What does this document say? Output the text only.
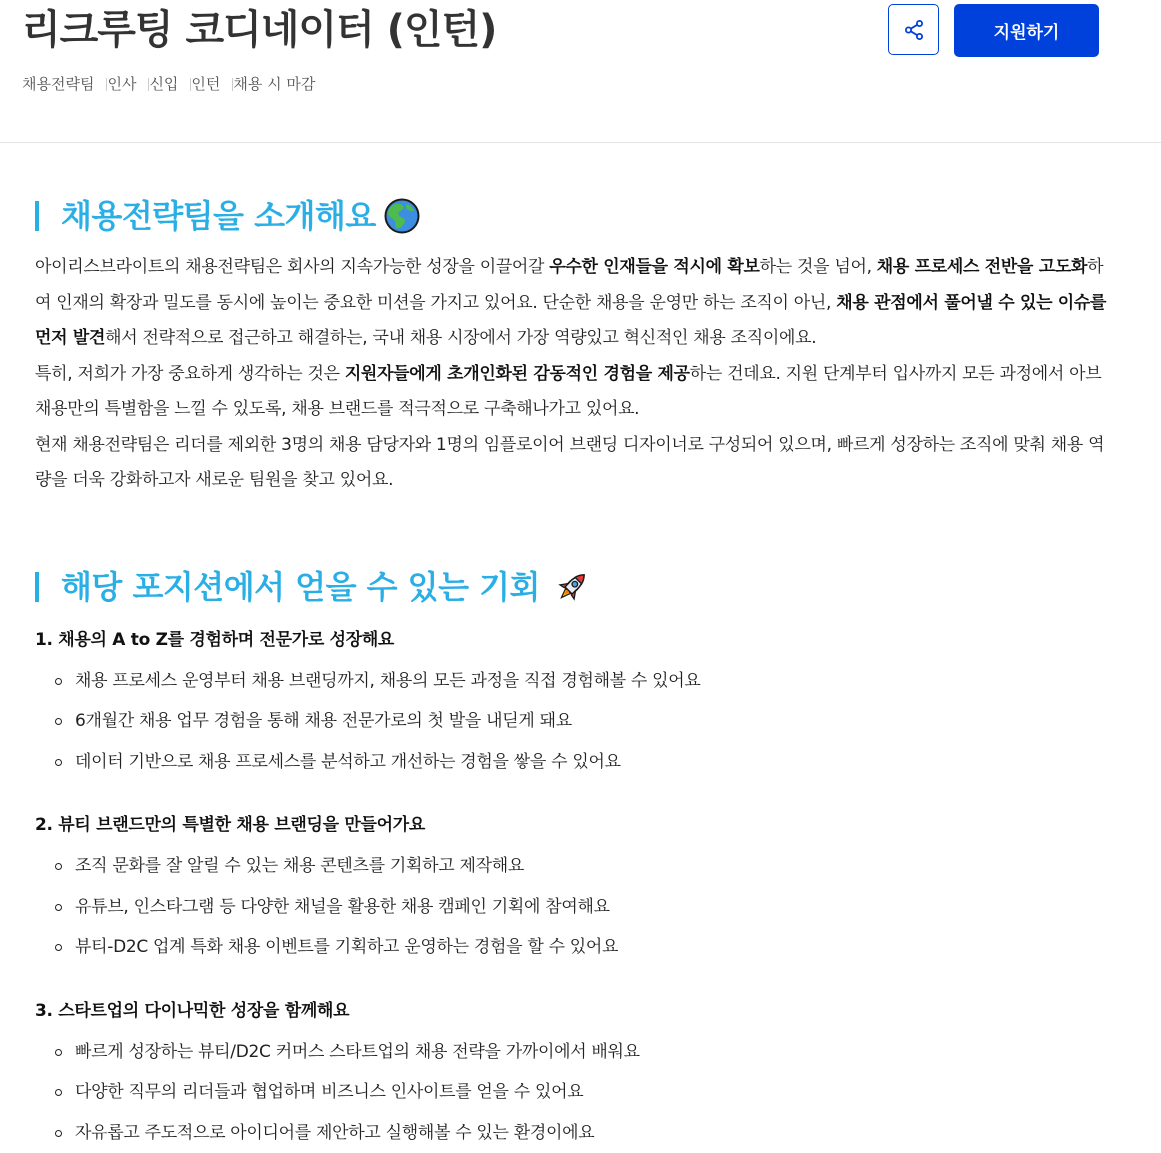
리크루팅 코디네이터 (인턴)
채용전략팀 인사 신입 인턴 채용 시 마감
지원하기
채용전략팀을 소개해요
아이리스브라이트의 채용전략팀은 회사의 지속가능한 성장을 이끌어갈 우수한 인재들을 적시에 확보하는 것을 넘어, 채용 프로세스 전반을 고도화하여 인재의 확장과 밀도를 동시에 높이는 중요한 미션을 가지고 있어요. 단순한 채용을 운영만 하는 조직이 아닌, 채용 관점에서 풀어낼 수 있는 이슈를 먼저 발견해서 전략적으로 접근하고 해결하는, 국내 채용 시장에서 가장 역량있고 혁신적인 채용 조직이에요.
특히, 저희가 가장 중요하게 생각하는 것은 지원자들에게 초개인화된 감동적인 경험을 제공하는 건데요. 지원 단계부터 입사까지 모든 과정에서 아브 채용만의 특별함을 느낄 수 있도록, 채용 브랜드를 적극적으로 구축해나가고 있어요.
현재 채용전략팀은 리더를 제외한 3명의 채용 담당자와 1명의 임플로이어 브랜딩 디자이너로 구성되어 있으며, 빠르게 성장하는 조직에 맞춰 채용 역량을 더욱 강화하고자 새로운 팀원을 찾고 있어요.
해당 포지션에서 얻을 수 있는 기회
1. 채용의 A to Z를 경험하며 전문가로 성장해요
채용 프로세스 운영부터 채용 브랜딩까지, 채용의 모든 과정을 직접 경험해볼 수 있어요
6개월간 채용 업무 경험을 통해 채용 전문가로의 첫 발을 내딛게 돼요
데이터 기반으로 채용 프로세스를 분석하고 개선하는 경험을 쌓을 수 있어요
2. 뷰티 브랜드만의 특별한 채용 브랜딩을 만들어가요
조직 문화를 잘 알릴 수 있는 채용 콘텐츠를 기획하고 제작해요
유튜브, 인스타그램 등 다양한 채널을 활용한 채용 캠페인 기획에 참여해요
뷰티-D2C 업계 특화 채용 이벤트를 기획하고 운영하는 경험을 할 수 있어요
3. 스타트업의 다이나믹한 성장을 함께해요
빠르게 성장하는 뷰티/D2C 커머스 스타트업의 채용 전략을 가까이에서 배워요
다양한 직무의 리더들과 협업하며 비즈니스 인사이트를 얻을 수 있어요
자유롭고 주도적으로 아이디어를 제안하고 실행해볼 수 있는 환경이에요
